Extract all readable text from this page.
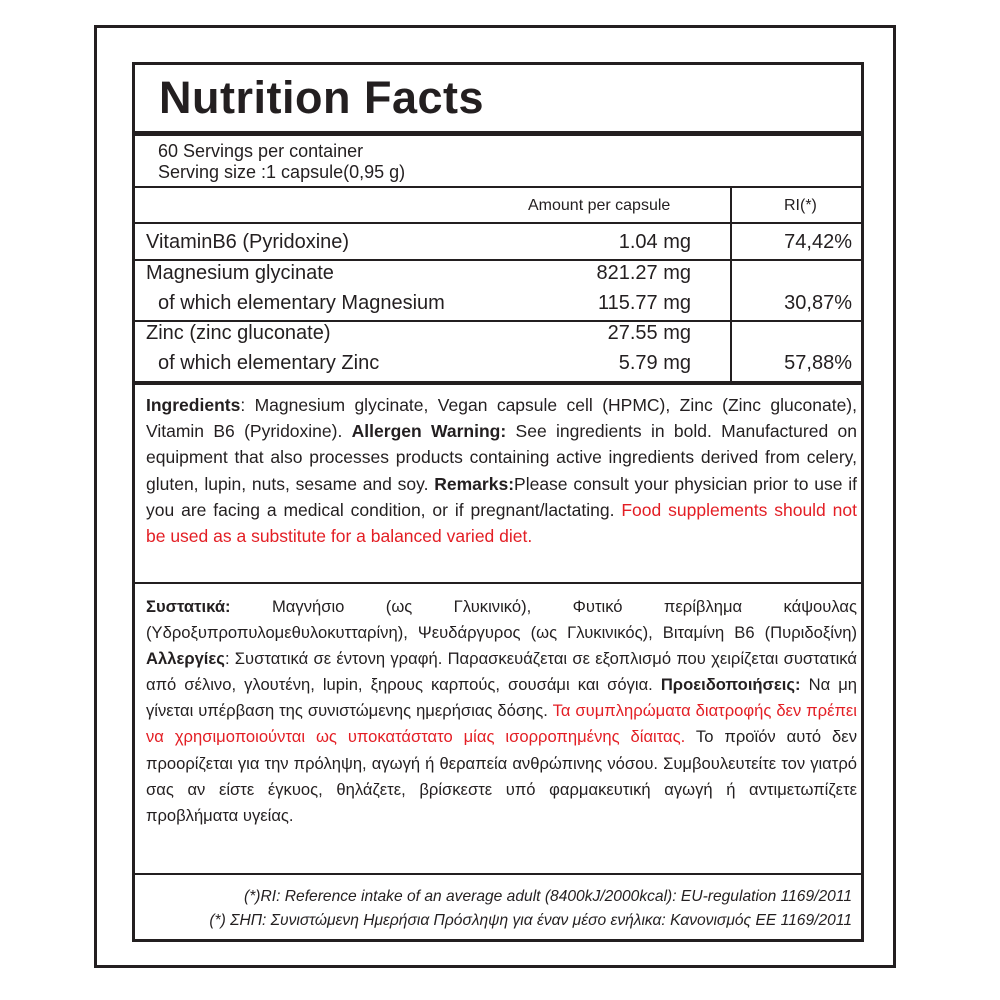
Nutrition Facts
60 Servings per container
Serving size :1 capsule(0,95 g)
Amount per capsule	RI(*)
VitaminB6 (Pyridoxine)	1.04 mg	74,42%
Magnesium glycinate	821.27 mg
of which elementary Magnesium	115.77 mg	30,87%
Zinc (zinc gluconate)	27.55 mg
of which elementary Zinc	5.79 mg	57,88%

Ingredients: Magnesium glycinate, Vegan capsule cell (HPMC), Zinc (Zinc gluconate), Vitamin B6 (Pyridoxine). Allergen Warning: See ingredients in bold. Manufactured on equipment that also processes products containing active ingredients derived from celery, gluten, lupin, nuts, sesame and soy. Remarks:Please consult your physician prior to use if you are facing a medical condition, or if pregnant/lactating. Food supplements should not be used as a substitute for a balanced varied diet.

Συστατικά: Μαγνήσιο (ως Γλυκινικό), Φυτικό περίβλημα κάψουλας (Υδροξυπροπυλομεθυλοκυτταρίνη), Ψευδάργυρος (ως Γλυκινικός), Βιταμίνη Β6 (Πυριδοξίνη) Αλλεργίες: Συστατικά σε έντονη γραφή. Παρασκευάζεται σε εξοπλισμό που χειρίζεται συστατικά από σέλινο, γλουτένη, lupin, ξηρους καρπούς, σουσάμι και σόγια. Προειδοποιήσεις: Να μη γίνεται υπέρβαση της συνιστώμενης ημερήσιας δόσης. Τα συμπληρώματα διατροφής δεν πρέπει να χρησιμοποιούνται ως υποκατάστατο μίας ισορροπημένης δίαιτας. Το προϊόν αυτό δεν προορίζεται για την πρόληψη, αγωγή ή θεραπεία ανθρώπινης νόσου. Συμβουλευτείτε τον γιατρό σας αν είστε έγκυος, θηλάζετε, βρίσκεστε υπό φαρμακευτική αγωγή ή αντιμετωπίζετε προβλήματα υγείας.

(*)RI: Reference intake of an average adult (8400kJ/2000kcal): EU-regulation 1169/2011

(*) ΣΗΠ: Συνιστώμενη Ημερήσια Πρόσληψη για έναν μέσο ενήλικα: Κανονισμός ΕΕ 1169/2011
